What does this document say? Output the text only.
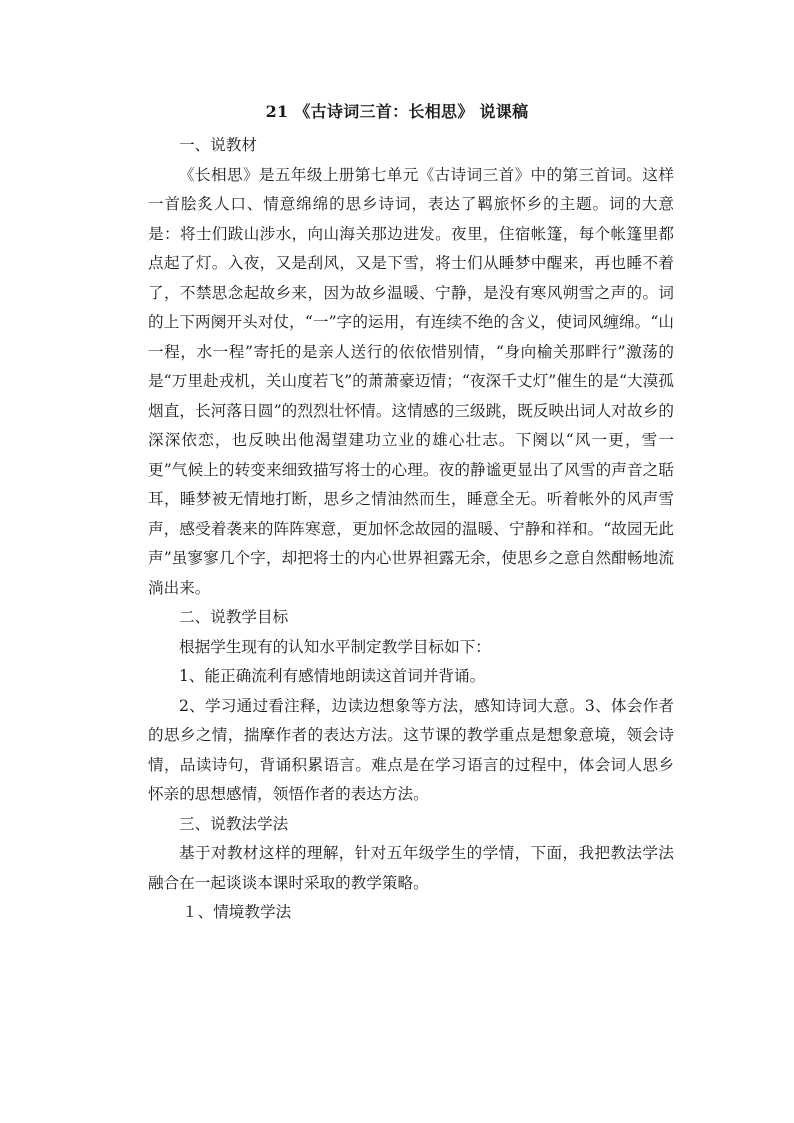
21 《古诗词三首：长相思》 说课稿

一、说教材

《长相思》是五年级上册第七单元《古诗词三首》中的第三首词。这样一首脍炙人口、情意绵绵的思乡诗词，表达了羁旅怀乡的主题。词的大意是：将士们跋山涉水，向山海关那边进发。夜里，住宿帐篷，每个帐篷里都点起了灯。入夜，又是刮风，又是下雪，将士们从睡梦中醒来，再也睡不着了，不禁思念起故乡来，因为故乡温暖、宁静，是没有寒风朔雪之声的。词的上下两阕开头对仗，“一”字的运用，有连续不绝的含义，使词风缠绵。“山一程，水一程”寄托的是亲人送行的依依惜别情，“身向榆关那畔行”激荡的是“万里赴戎机，关山度若飞”的萧萧豪迈情；“夜深千丈灯”催生的是“大漠孤烟直，长河落日圆”的烈烈壮怀情。这情感的三级跳，既反映出词人对故乡的深深依恋，也反映出他渴望建功立业的雄心壮志。下阕以“风一更，雪一更”气候上的转变来细致描写将士的心理。夜的静谧更显出了风雪的声音之聒耳，睡梦被无情地打断，思乡之情油然而生，睡意全无。听着帐外的风声雪声，感受着袭来的阵阵寒意，更加怀念故园的温暖、宁静和祥和。“故园无此声”虽寥寥几个字，却把将士的内心世界袒露无余，使思乡之意自然酣畅地流淌出来。

二、说教学目标

根据学生现有的认知水平制定教学目标如下：

1、能正确流利有感情地朗读这首词并背诵。

2、学习通过看注释，边读边想象等方法，感知诗词大意。3、体会作者的思乡之情，揣摩作者的表达方法。这节课的教学重点是想象意境，领会诗情，品读诗句，背诵积累语言。难点是在学习语言的过程中，体会词人思乡怀亲的思想感情，领悟作者的表达方法。

三、说教法学法

基于对教材这样的理解，针对五年级学生的学情，下面，我把教法学法融合在一起谈谈本课时采取的教学策略。

１、情境教学法
